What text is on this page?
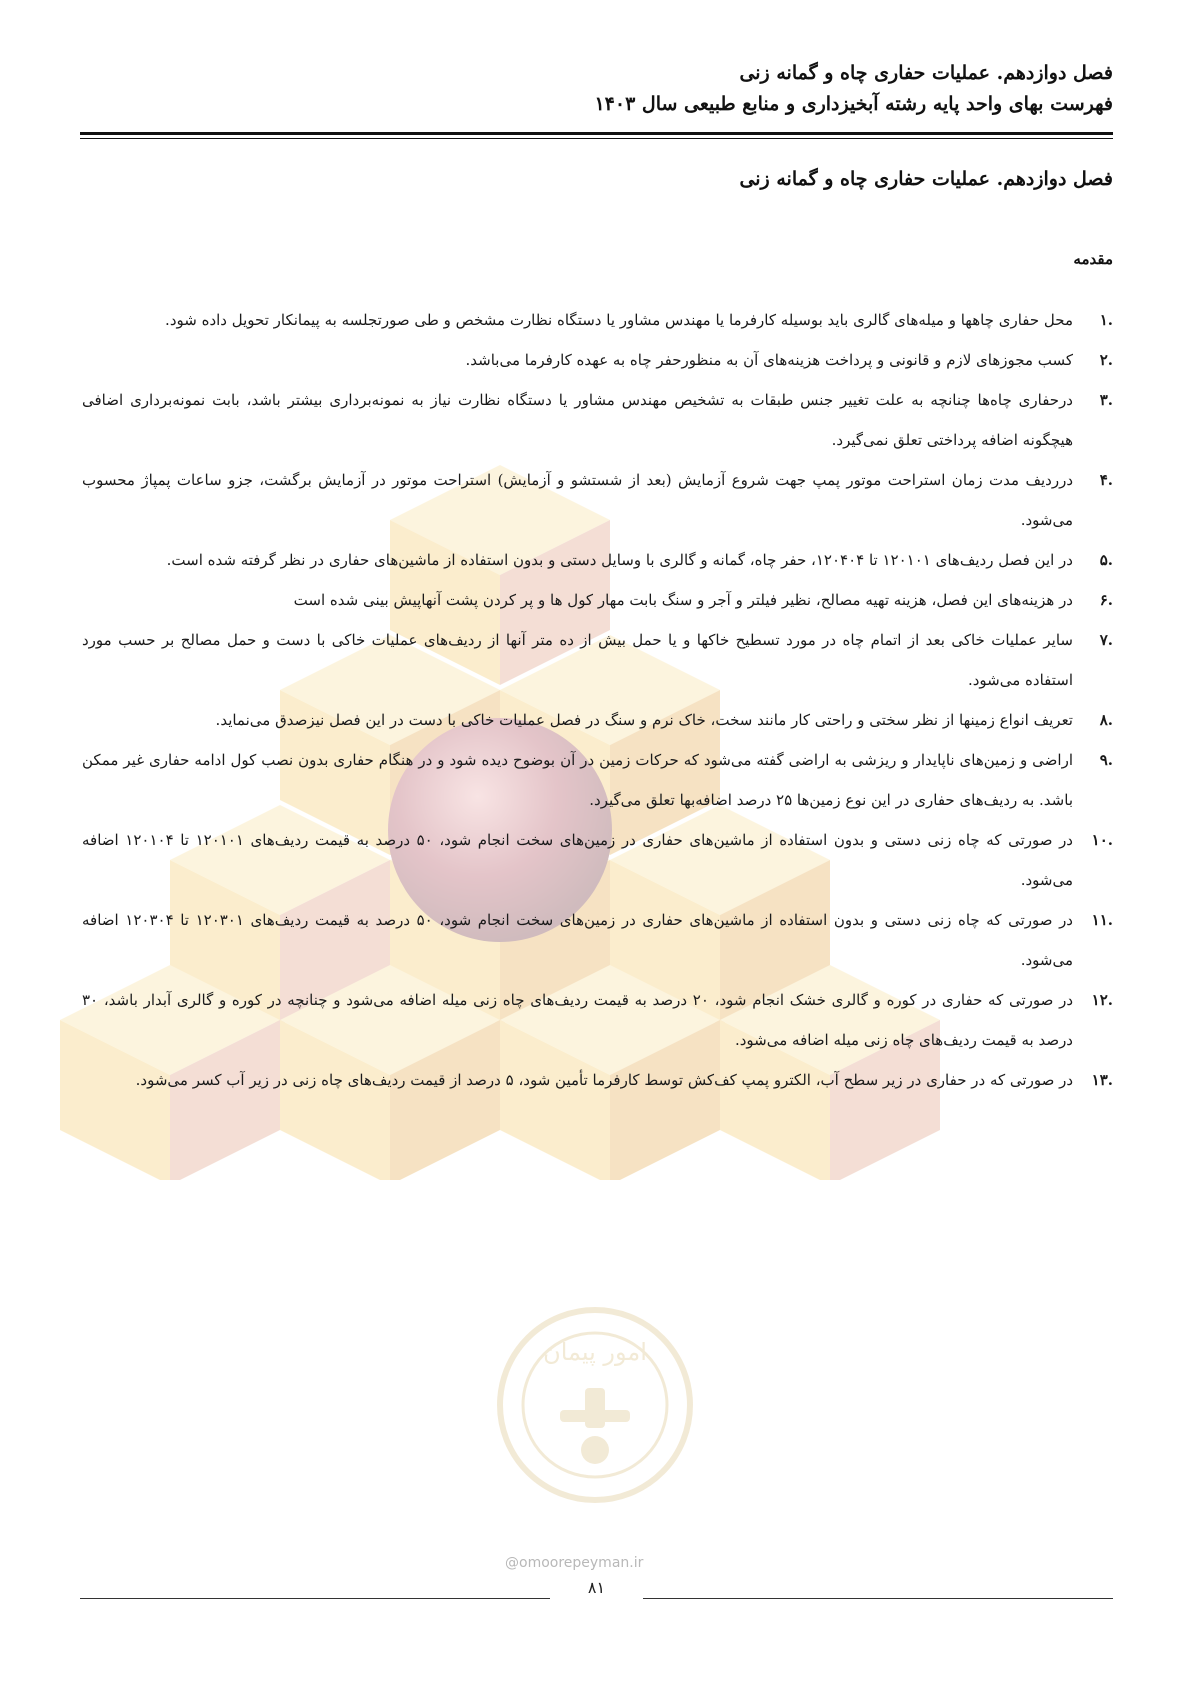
فصل دوازدهم. عملیات حفاری چاه و گمانه زنی
فهرست بهای واحد پایه رشته آبخیزداری و منابع طبیعی سال ۱۴۰۳
امور پیمان
@omoorepeyman.ir
فصل دوازدهم. عملیات حفاری چاه و گمانه زنی
مقدمه
.۱
محل حفاری چاهها و میله‌های گالری باید بوسیله کارفرما یا مهندس مشاور یا دستگاه نظارت مشخص و طی صورتجلسه به پیمانکار تحویل داده شود.
.۲
کسب مجوزهای لازم و قانونی و پرداخت هزینه‌های آن به منظورحفر چاه به عهده کارفرما می‌باشد.
.۳
درحفاری چاه‌ها چنانچه به علت تغییر جنس طبقات به تشخیص مهندس مشاور یا دستگاه نظارت نیاز به نمونه‌برداری بیشتر باشد، بابت نمونه‌برداری اضافی هیچگونه اضافه پرداختی تعلق نمی‌گیرد.
.۴
درردیف مدت زمان استراحت موتور پمپ جهت شروع آزمایش (بعد از شستشو و آزمایش) استراحت موتور در آزمایش برگشت، جزو ساعات پمپاژ محسوب می‌شود.
.۵
در این فصل ردیف‌های ۱۲۰۱۰۱ تا ۱۲۰۴۰۴، حفر چاه، گمانه و گالری با وسایل دستی و بدون استفاده از ماشین‌های حفاری در نظر گرفته شده است.
.۶
در هزینه‌های این فصل، هزینه تهیه مصالح، نظیر فیلتر و آجر و سنگ بابت مهار کول ها و پر کردن پشت آنهاپیش بینی شده است
.۷
سایر عملیات خاکی بعد از اتمام چاه در مورد تسطیح خاکها و یا حمل بیش از ده متر آنها از ردیف‌های عملیات خاکی با دست و حمل مصالح بر حسب مورد استفاده می‌شود.
.۸
تعریف انواع زمینها از نظر سختی و راحتی کار مانند سخت، خاک نرم و سنگ در فصل عملیات خاکی با دست در این فصل نیزصدق می‌نماید.
.۹
اراضی و زمین‌های ناپایدار و ریزشی به اراضی گفته می‌شود که حرکات زمین در آن بوضوح دیده شود و در هنگام حفاری بدون نصب کول ادامه حفاری غیر ممکن باشد. به ردیف‌های حفاری در این نوع زمین‌ها ۲۵ درصد اضافه‌بها تعلق می‌گیرد.
.۱۰
در صورتی که چاه زنی دستی و بدون استفاده از ماشین‌های حفاری در زمین‌های سخت انجام شود، ۵۰ درصد به قیمت ردیف‌های ۱۲۰۱۰۱ تا ۱۲۰۱۰۴ اضافه می‌شود.
.۱۱
در صورتی که چاه زنی دستی و بدون استفاده از ماشین‌های حفاری در زمین‌های سخت انجام شود، ۵۰ درصد به قیمت ردیف‌های ۱۲۰۳۰۱ تا ۱۲۰۳۰۴ اضافه می‌شود.
.۱۲
در صورتی که حفاری در کوره و گالری خشک انجام شود، ۲۰ درصد به قیمت ردیف‌های چاه زنی میله اضافه می‌شود و چنانچه در کوره و گالری آبدار باشد، ۳۰ درصد به قیمت ردیف‌های چاه زنی میله اضافه می‌شود.
.۱۳
در صورتی که در حفاری در زیر سطح آب، الکترو پمپ کف‌کش توسط کارفرما تأمین شود، ۵ درصد از قیمت ردیف‌های چاه زنی در زیر آب کسر می‌شود.
۸۱
